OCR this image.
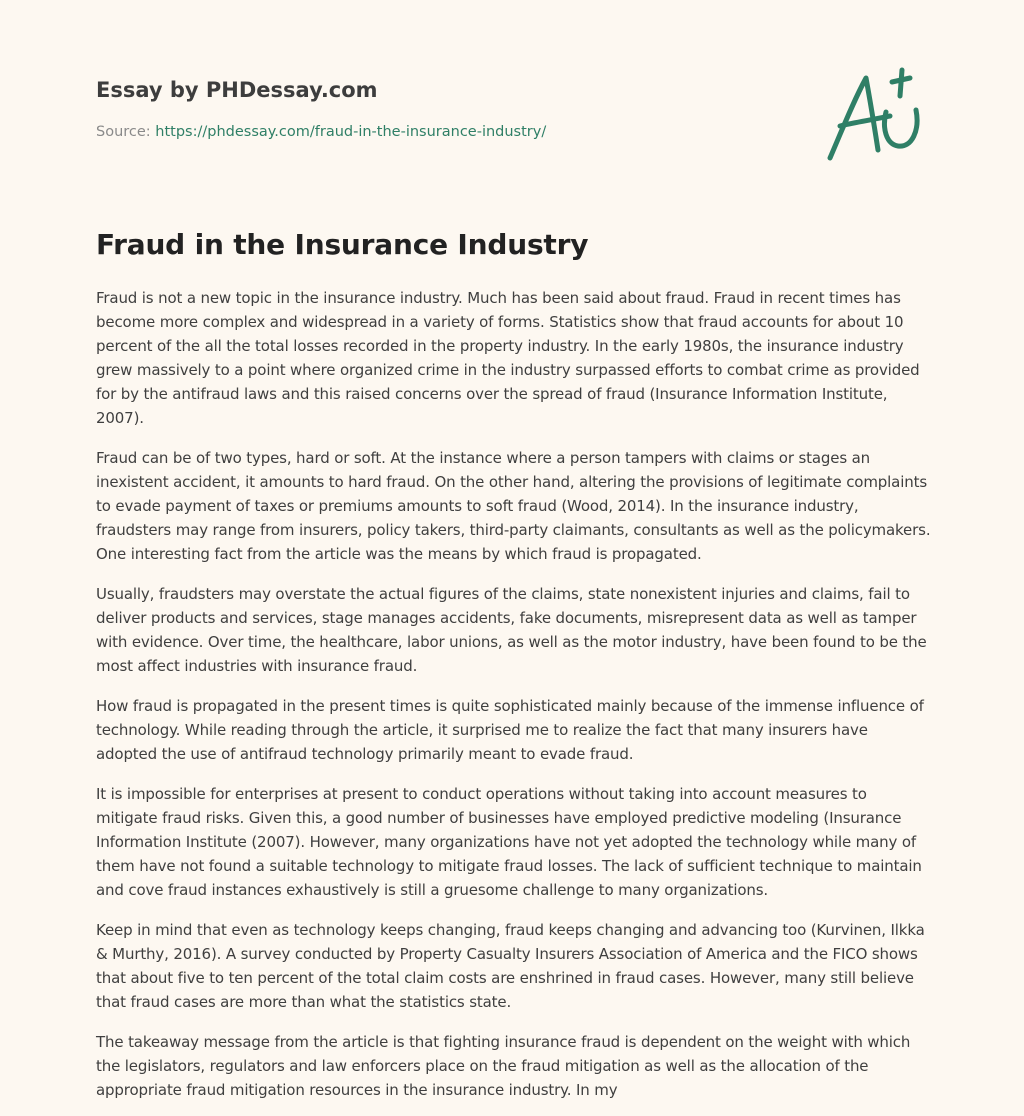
Essay by PHDessay.com
Source: https://phdessay.com/fraud-in-the-insurance-industry/
Fraud in the Insurance Industry

Fraud is not a new topic in the insurance industry. Much has been said about fraud. Fraud in recent times has become more complex and widespread in a variety of forms. Statistics show that fraud accounts for about 10 percent of the all the total losses recorded in the property industry. In the early 1980s, the insurance industry grew massively to a point where organized crime in the industry surpassed efforts to combat crime as provided for by the antifraud laws and this raised concerns over the spread of fraud (Insurance Information Institute, 2007).

Fraud can be of two types, hard or soft. At the instance where a person tampers with claims or stages an inexistent accident, it amounts to hard fraud. On the other hand, altering the provisions of legitimate complaints to evade payment of taxes or premiums amounts to soft fraud (Wood, 2014). In the insurance industry, fraudsters may range from insurers, policy takers, third-party claimants, consultants as well as the policymakers. One interesting fact from the article was the means by which fraud is propagated.

Usually, fraudsters may overstate the actual figures of the claims, state nonexistent injuries and claims, fail to deliver products and services, stage manages accidents, fake documents, misrepresent data as well as tamper with evidence. Over time, the healthcare, labor unions, as well as the motor industry, have been found to be the most affect industries with insurance fraud.

How fraud is propagated in the present times is quite sophisticated mainly because of the immense influence of technology. While reading through the article, it surprised me to realize the fact that many insurers have adopted the use of antifraud technology primarily meant to evade fraud.

It is impossible for enterprises at present to conduct operations without taking into account measures to mitigate fraud risks. Given this, a good number of businesses have employed predictive modeling (Insurance Information Institute (2007). However, many organizations have not yet adopted the technology while many of them have not found a suitable technology to mitigate fraud losses. The lack of sufficient technique to maintain and cove fraud instances exhaustively is still a gruesome challenge to many organizations.

Keep in mind that even as technology keeps changing, fraud keeps changing and advancing too (Kurvinen, Ilkka & Murthy, 2016). A survey conducted by Property Casualty Insurers Association of America and the FICO shows that about five to ten percent of the total claim costs are enshrined in fraud cases. However, many still believe that fraud cases are more than what the statistics state.

The takeaway message from the article is that fighting insurance fraud is dependent on the weight with which the legislators, regulators and law enforcers place on the fraud mitigation as well as the allocation of the appropriate fraud mitigation resources in the insurance industry. In my
